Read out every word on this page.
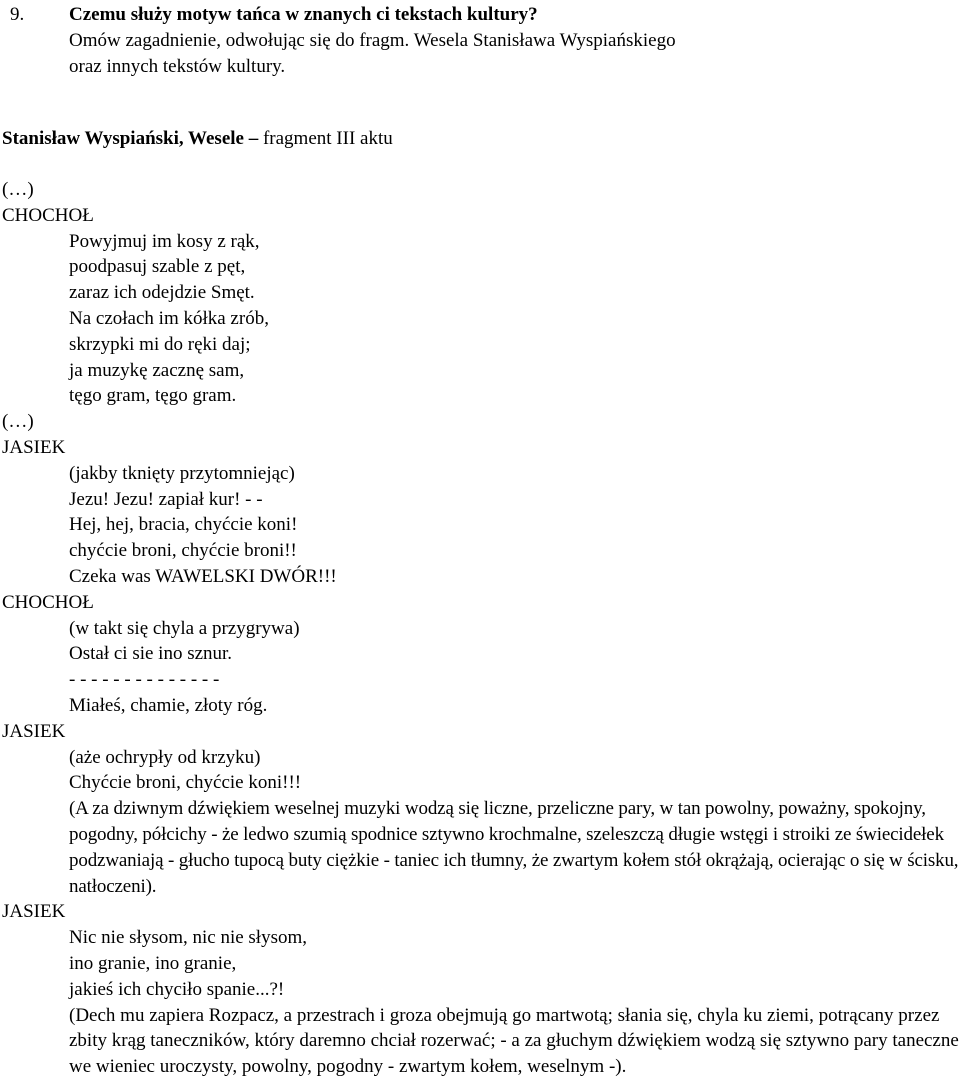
9. Czemu służy motyw tańca w znanych ci tekstach kultury?
Omów zagadnienie, odwołując się do fragm. Wesela Stanisława Wyspiańskiego
oraz innych tekstów kultury.
Stanisław Wyspiański, Wesele – fragment III aktu
(…)
CHOCHOŁ
Powyjmuj im kosy z rąk,
poodpasuj szable z pęt,
zaraz ich odejdzie Smęt.
Na czołach im kółka zrób,
skrzypki mi do ręki daj;
ja muzykę zacznę sam,
tęgo gram, tęgo gram.
(…)
JASIEK
(jakby tknięty przytomniejąc)
Jezu! Jezu! zapiał kur! - -
Hej, hej, bracia, chyćcie koni!
chyćcie broni, chyćcie broni!!
Czeka was WAWELSKI DWÓR!!!
CHOCHOŁ
(w takt się chyla a przygrywa)
Ostał ci sie ino sznur.
- - - - - - - - - - - - - -
Miałeś, chamie, złoty róg.
JASIEK
(aże ochrypły od krzyku)
Chyćcie broni, chyćcie koni!!!
(A za dziwnym dźwiękiem weselnej muzyki wodzą się liczne, przeliczne pary, w tan powolny, poważny, spokojny, pogodny, półcichy - że ledwo szumią spodnice sztywno krochmalne, szeleszczą długie wstęgi i stroiki ze świecidełek podzwaniają - głucho tupocą buty ciężkie - taniec ich tłumny, że zwartym kołem stół okrążają, ocierając o się w ścisku, natłoczeni).
JASIEK
Nic nie słysom, nic nie słysom,
ino granie, ino granie,
jakieś ich chyciło spanie...?!
(Dech mu zapiera Rozpacz, a przestrach i groza obejmują go martwotą; słania się, chyla ku ziemi, potrącany przez zbity krąg taneczników, który daremno chciał rozerwać; - a za głuchym dźwiękiem wodzą się sztywno pary taneczne we wieniec uroczysty, powolny, pogodny - zwartym kołem, weselnym -).
